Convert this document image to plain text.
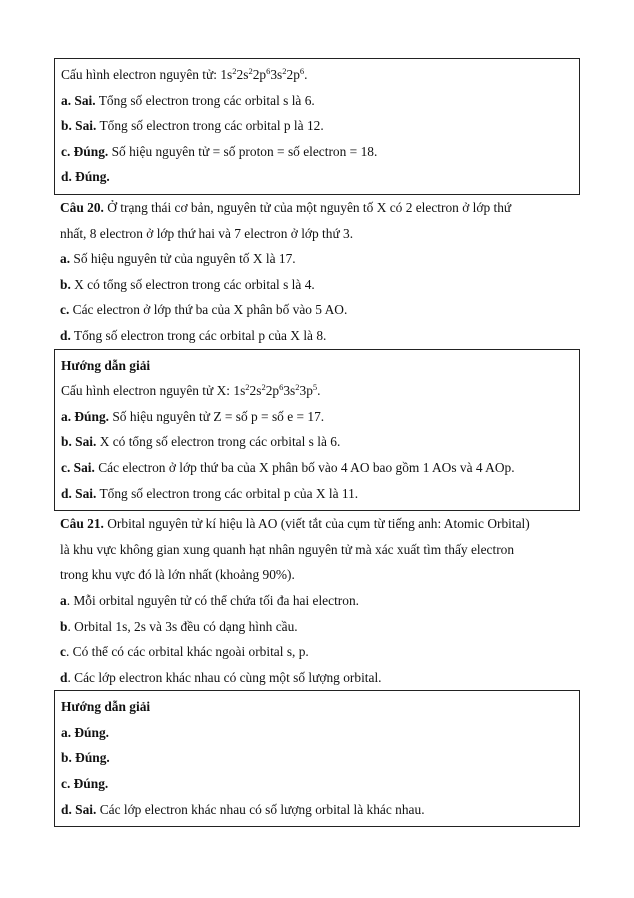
Cấu hình electron nguyên tử: $1s^22s^22p^63s^22p^6$.
a. Sai. Tổng số electron trong các orbital s là 6.
b. Sai. Tổng số electron trong các orbital p là 12.
c. Đúng. Số hiệu nguyên tử = số proton = số electron = 18.
d. Đúng.
Câu 20. Ở trạng thái cơ bản, nguyên tử của một nguyên tố X có 2 electron ở lớp thứ
nhất, 8 electron ở lớp thứ hai và 7 electron ở lớp thứ 3.
a. Số hiệu nguyên tử của nguyên tố X là 17.
b. X có tổng số electron trong các orbital s là 4.
c. Các electron ở lớp thứ ba của X phân bố vào 5 AO.
d. Tổng số electron trong các orbital p của X là 8.
Hướng dẫn giải
Cấu hình electron nguyên tử X: $1s^22s^22p^63s^23p^5$.
a. Đúng. Số hiệu nguyên tử Z = số p = số e = 17.
b. Sai. X có tổng số electron trong các orbital s là 6.
c. Sai. Các electron ở lớp thứ ba của X phân bố vào 4 AO bao gồm 1 AOs và 4 AOp.
d. Sai. Tổng số electron trong các orbital p của X là 11.
Câu 21. Orbital nguyên tử kí hiệu là AO (viết tắt của cụm từ tiếng anh: Atomic Orbital)
là khu vực không gian xung quanh hạt nhân nguyên tử mà xác xuất tìm thấy electron
trong khu vực đó là lớn nhất (khoảng 90%).
a. Mỗi orbital nguyên tử có thể chứa tối đa hai electron.
b. Orbital 1s, 2s và 3s đều có dạng hình cầu.
c. Có thể có các orbital khác ngoài orbital s, p.
d. Các lớp electron khác nhau có cùng một số lượng orbital.
Hướng dẫn giải
a. Đúng.
b. Đúng.
c. Đúng.
d. Sai. Các lớp electron khác nhau có số lượng orbital là khác nhau.
